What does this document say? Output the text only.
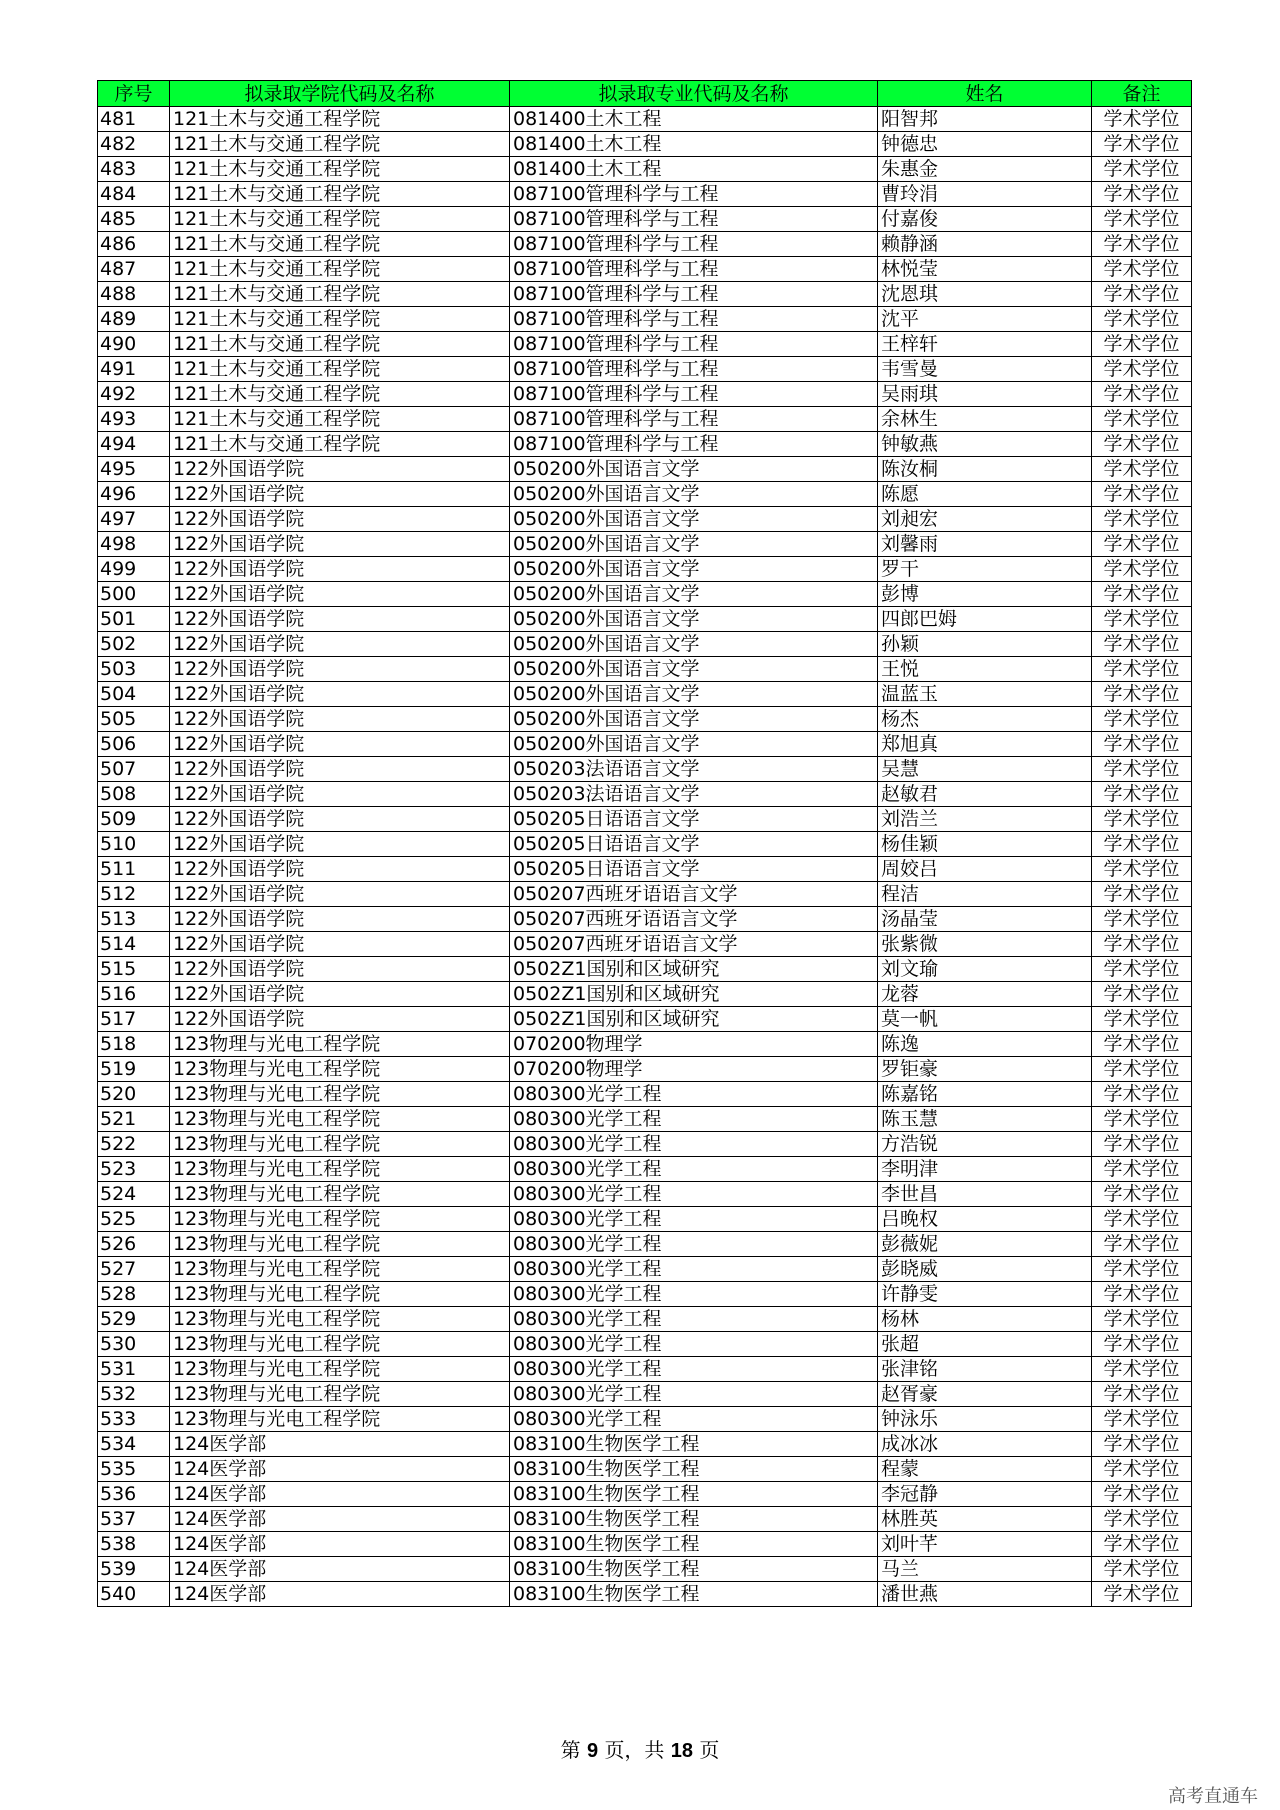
序号	拟录取学院代码及名称	拟录取专业代码及名称	姓名	备注
481	121土木与交通工程学院	081400土木工程	阳智邦	学术学位
482	121土木与交通工程学院	081400土木工程	钟德忠	学术学位
483	121土木与交通工程学院	081400土木工程	朱惠金	学术学位
484	121土木与交通工程学院	087100管理科学与工程	曹玲涓	学术学位
485	121土木与交通工程学院	087100管理科学与工程	付嘉俊	学术学位
486	121土木与交通工程学院	087100管理科学与工程	赖静涵	学术学位
487	121土木与交通工程学院	087100管理科学与工程	林悦莹	学术学位
488	121土木与交通工程学院	087100管理科学与工程	沈恩琪	学术学位
489	121土木与交通工程学院	087100管理科学与工程	沈平	学术学位
490	121土木与交通工程学院	087100管理科学与工程	王梓轩	学术学位
491	121土木与交通工程学院	087100管理科学与工程	韦雪曼	学术学位
492	121土木与交通工程学院	087100管理科学与工程	吴雨琪	学术学位
493	121土木与交通工程学院	087100管理科学与工程	余林生	学术学位
494	121土木与交通工程学院	087100管理科学与工程	钟敏燕	学术学位
495	122外国语学院	050200外国语言文学	陈汝桐	学术学位
496	122外国语学院	050200外国语言文学	陈愿	学术学位
497	122外国语学院	050200外国语言文学	刘昶宏	学术学位
498	122外国语学院	050200外国语言文学	刘馨雨	学术学位
499	122外国语学院	050200外国语言文学	罗干	学术学位
500	122外国语学院	050200外国语言文学	彭博	学术学位
501	122外国语学院	050200外国语言文学	四郎巴姆	学术学位
502	122外国语学院	050200外国语言文学	孙颖	学术学位
503	122外国语学院	050200外国语言文学	王悦	学术学位
504	122外国语学院	050200外国语言文学	温蓝玉	学术学位
505	122外国语学院	050200外国语言文学	杨杰	学术学位
506	122外国语学院	050200外国语言文学	郑旭真	学术学位
507	122外国语学院	050203法语语言文学	吴慧	学术学位
508	122外国语学院	050203法语语言文学	赵敏君	学术学位
509	122外国语学院	050205日语语言文学	刘浩兰	学术学位
510	122外国语学院	050205日语语言文学	杨佳颖	学术学位
511	122外国语学院	050205日语语言文学	周姣吕	学术学位
512	122外国语学院	050207西班牙语语言文学	程洁	学术学位
513	122外国语学院	050207西班牙语语言文学	汤晶莹	学术学位
514	122外国语学院	050207西班牙语语言文学	张紫微	学术学位
515	122外国语学院	0502Z1国别和区域研究	刘文瑜	学术学位
516	122外国语学院	0502Z1国别和区域研究	龙蓉	学术学位
517	122外国语学院	0502Z1国别和区域研究	莫一帆	学术学位
518	123物理与光电工程学院	070200物理学	陈逸	学术学位
519	123物理与光电工程学院	070200物理学	罗钜豪	学术学位
520	123物理与光电工程学院	080300光学工程	陈嘉铭	学术学位
521	123物理与光电工程学院	080300光学工程	陈玉慧	学术学位
522	123物理与光电工程学院	080300光学工程	方浩锐	学术学位
523	123物理与光电工程学院	080300光学工程	李明津	学术学位
524	123物理与光电工程学院	080300光学工程	李世昌	学术学位
525	123物理与光电工程学院	080300光学工程	吕晚权	学术学位
526	123物理与光电工程学院	080300光学工程	彭薇妮	学术学位
527	123物理与光电工程学院	080300光学工程	彭晓威	学术学位
528	123物理与光电工程学院	080300光学工程	许静雯	学术学位
529	123物理与光电工程学院	080300光学工程	杨林	学术学位
530	123物理与光电工程学院	080300光学工程	张超	学术学位
531	123物理与光电工程学院	080300光学工程	张津铭	学术学位
532	123物理与光电工程学院	080300光学工程	赵胥豪	学术学位
533	123物理与光电工程学院	080300光学工程	钟泳乐	学术学位
534	124医学部	083100生物医学工程	成冰冰	学术学位
535	124医学部	083100生物医学工程	程蒙	学术学位
536	124医学部	083100生物医学工程	李冠静	学术学位
537	124医学部	083100生物医学工程	林胜英	学术学位
538	124医学部	083100生物医学工程	刘叶芊	学术学位
539	124医学部	083100生物医学工程	马兰	学术学位
540	124医学部	083100生物医学工程	潘世燕	学术学位
第 9 页，共 18 页
高考直通车
